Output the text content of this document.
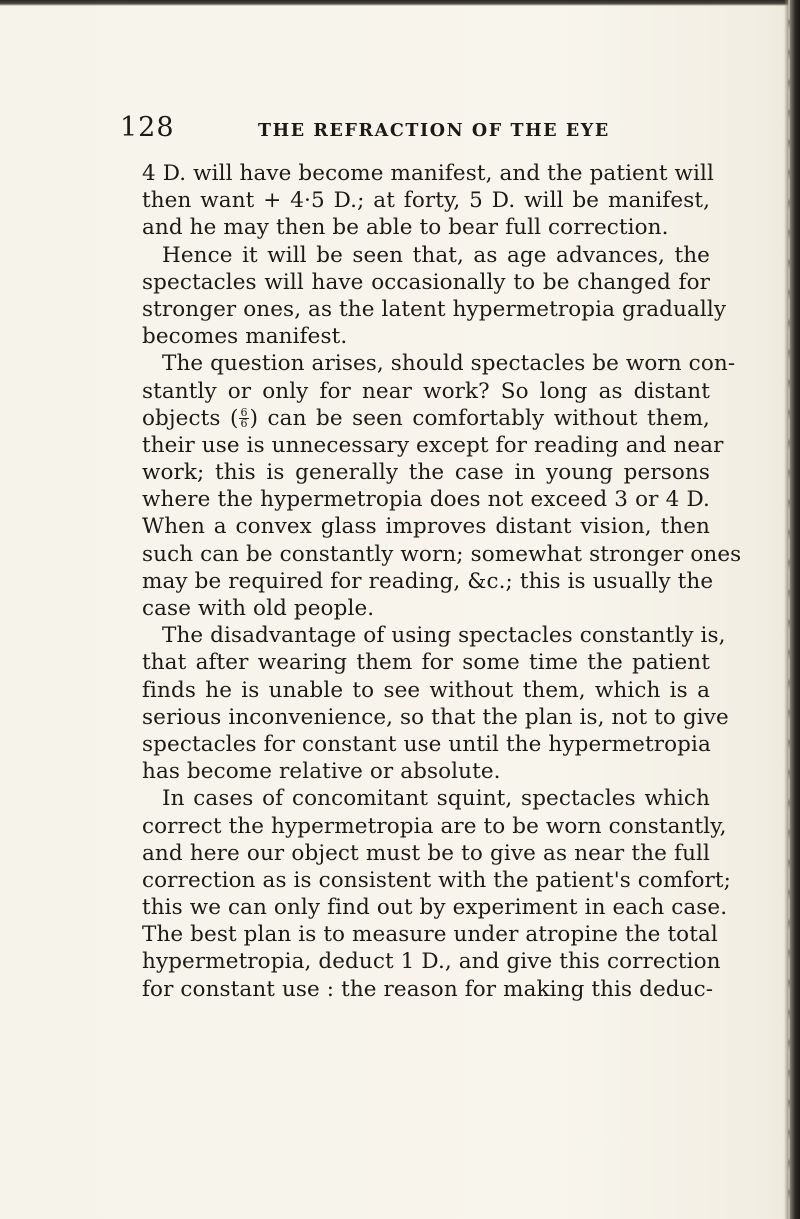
128	THE REFRACTION OF THE EYE
4 D. will have become manifest, and the patient will
then want + 4·5 D.; at forty, 5 D. will be manifest,
and he may then be able to bear full correction.
Hence it will be seen that, as age advances, the
spectacles will have occasionally to be changed for
stronger ones, as the latent hypermetropia gradually
becomes manifest.
The question arises, should spectacles be worn con-
stantly or only for near work? So long as distant
objects ( $\frac{6}{6}$ ) can be seen comfortably without them,
their use is unnecessary except for reading and near
work; this is generally the case in young persons
where the hypermetropia does not exceed 3 or 4 D.
When a convex glass improves distant vision, then
such can be constantly worn; somewhat stronger ones
may be required for reading, &c.; this is usually the
case with old people.
The disadvantage of using spectacles constantly is,
that after wearing them for some time the patient
finds he is unable to see without them, which is a
serious inconvenience, so that the plan is, not to give
spectacles for constant use until the hypermetropia
has become relative or absolute.
In cases of concomitant squint, spectacles which
correct the hypermetropia are to be worn constantly,
and here our object must be to give as near the full
correction as is consistent with the patient's comfort;
this we can only find out by experiment in each case.
The best plan is to measure under atropine the total
hypermetropia, deduct 1 D., and give this correction
for constant use : the reason for making this deduc-
